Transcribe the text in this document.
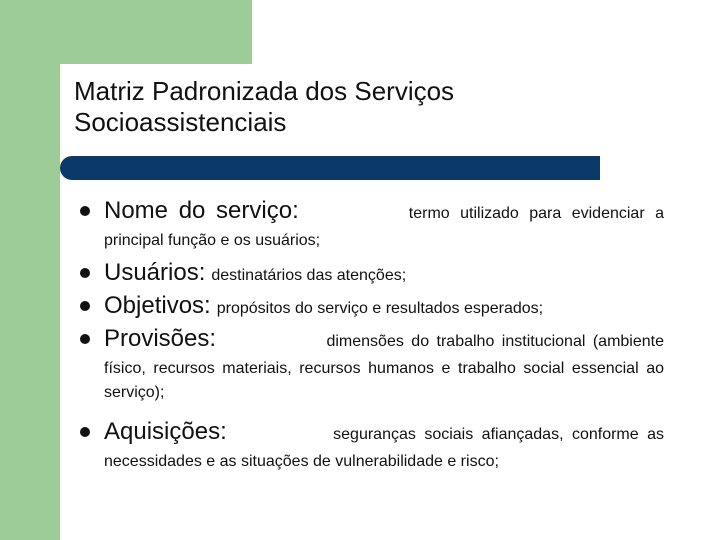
Matriz Padronizada dos Serviços
Socioassistenciais
Nome do serviço:	termo utilizado para evidenciar a
principal função e os usuários;
Usuários: destinatários das atenções;
Objetivos: propósitos do serviço e resultados esperados;
Provisões:	dimensões do trabalho institucional (ambiente
físico, recursos materiais, recursos humanos e trabalho social essencial ao serviço);
Aquisições:	seguranças sociais afiançadas, conforme as
necessidades e as situações de vulnerabilidade e risco;
